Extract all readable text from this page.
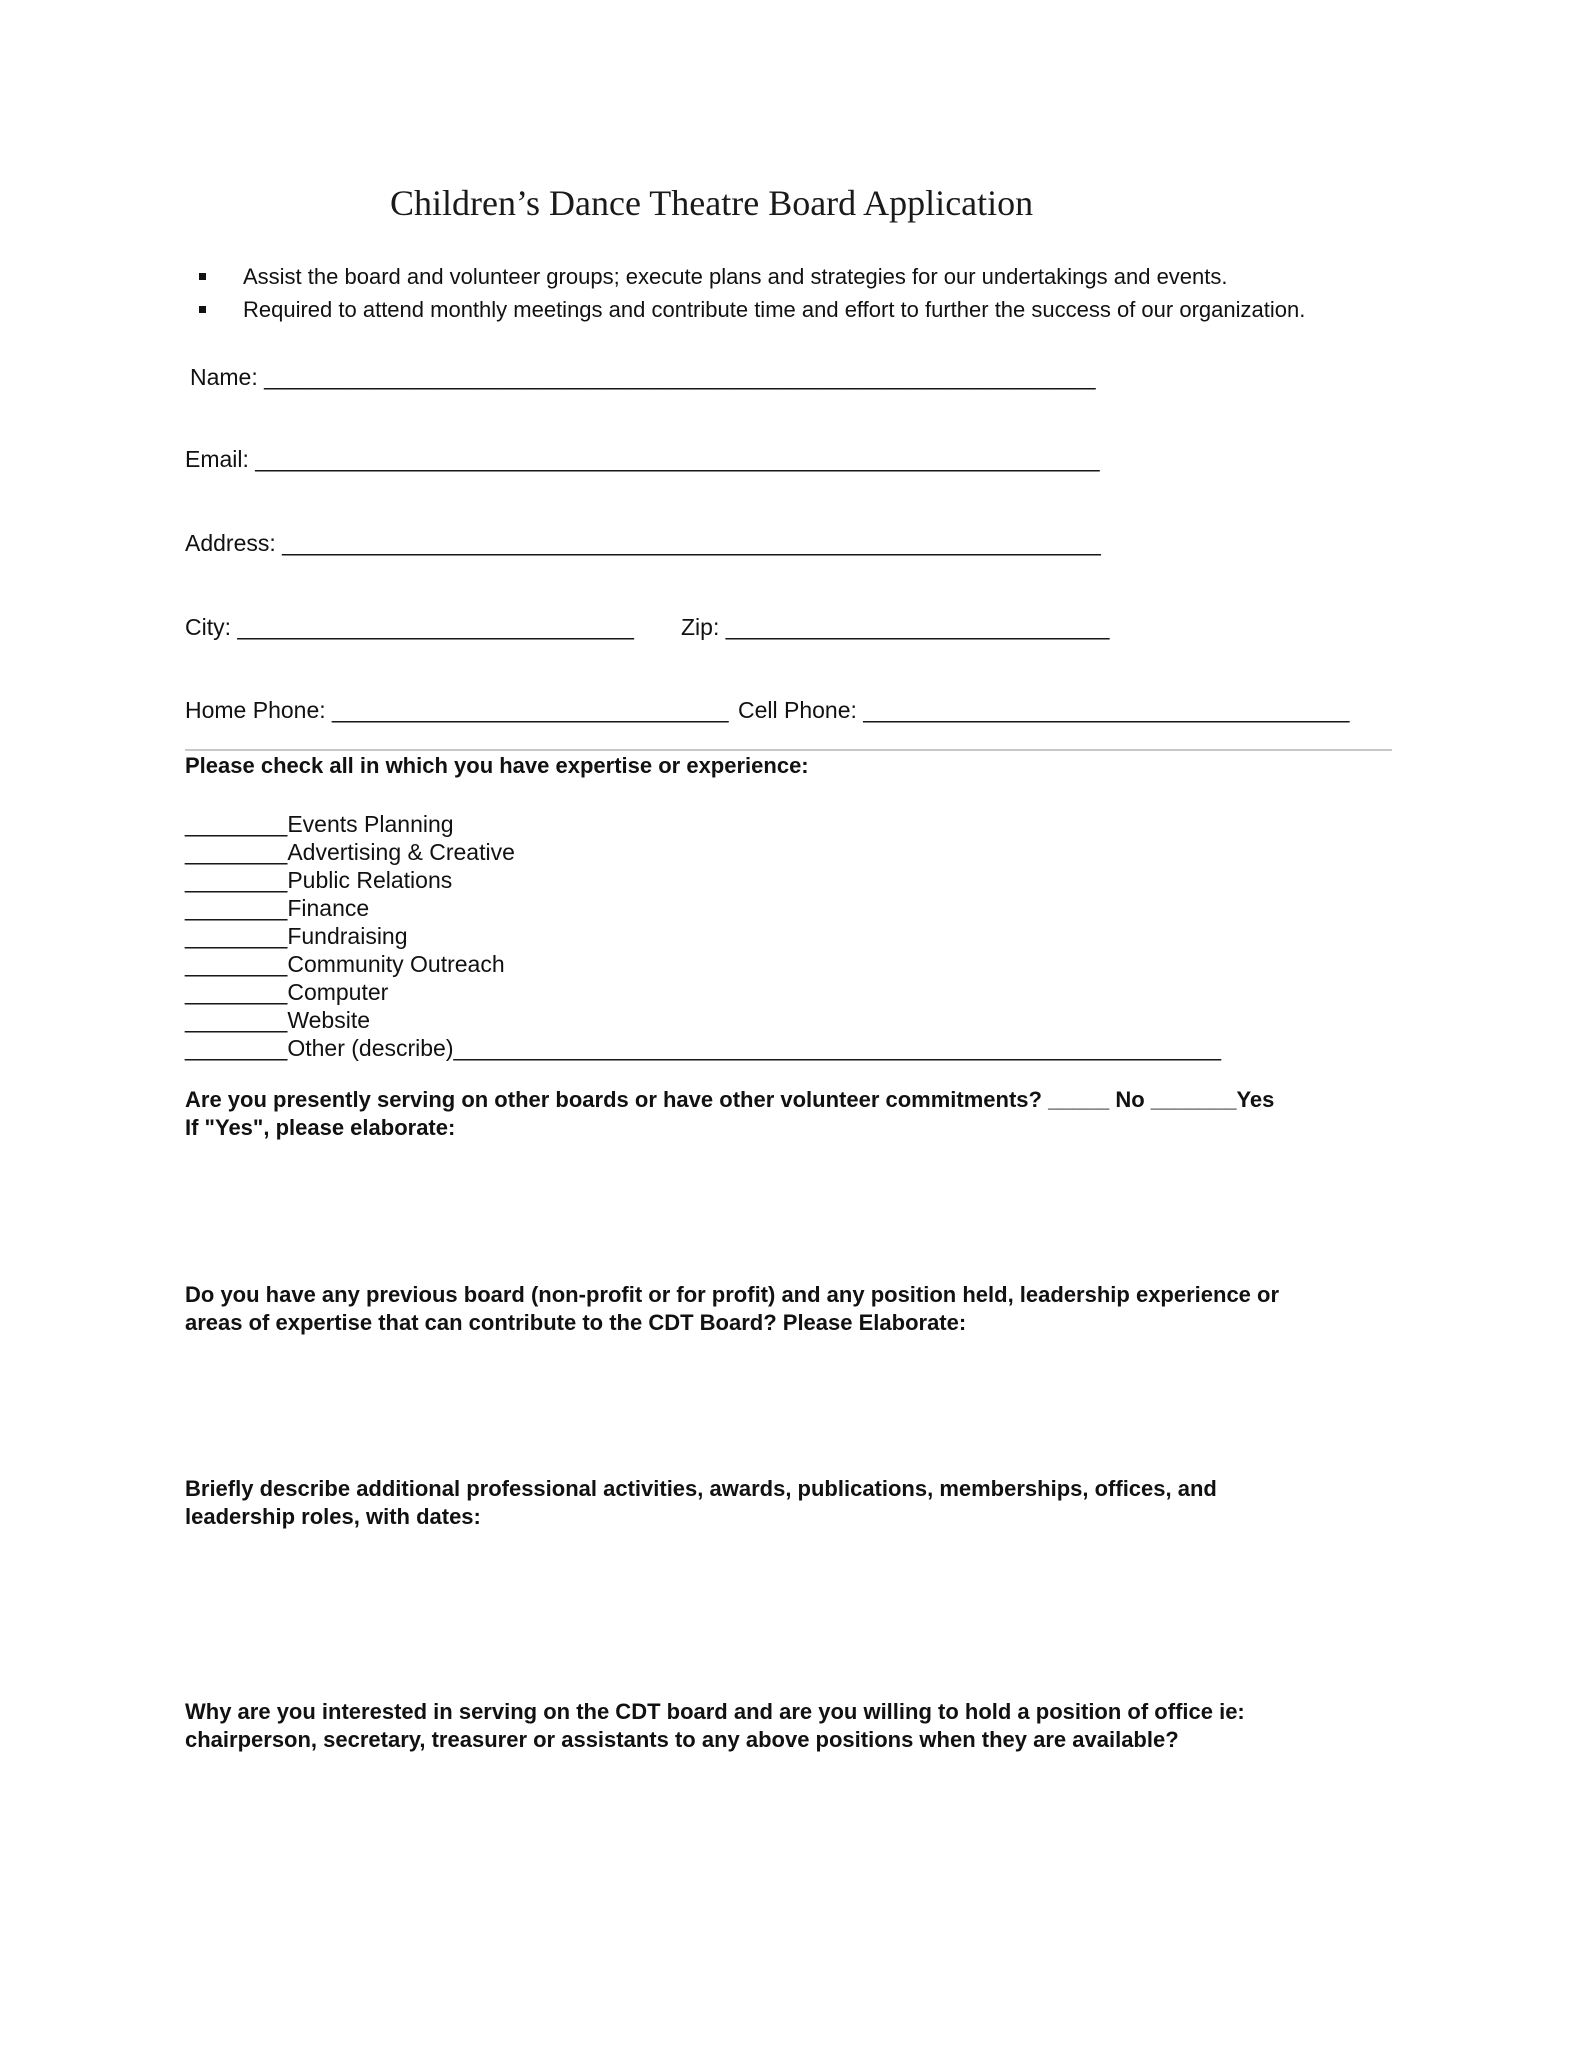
Children’s Dance Theatre Board Application
Assist the board and volunteer groups; execute plans and strategies for our undertakings and events.
Required to attend monthly meetings and contribute time and effort to further the success of our organization.
Name: _________________________________________________________________
Email: __________________________________________________________________
Address: ________________________________________________________________
City: _______________________________ Zip: ______________________________
Home Phone: _______________________________ Cell Phone: ______________________________________
Please check all in which you have expertise or experience:
________Events Planning
________Advertising & Creative
________Public Relations
________Finance
________Fundraising
________Community Outreach
________Computer
________Website
________Other (describe)____________________________________________________________
Are you presently serving on other boards or have other volunteer commitments? _____ No _______Yes
If "Yes", please elaborate:
Do you have any previous board (non-profit or for profit) and any position held, leadership experience or
areas of expertise that can contribute to the CDT Board? Please Elaborate:
Briefly describe additional professional activities, awards, publications, memberships, offices, and
leadership roles, with dates:
Why are you interested in serving on the CDT board and are you willing to hold a position of office ie:
chairperson, secretary, treasurer or assistants to any above positions when they are available?
